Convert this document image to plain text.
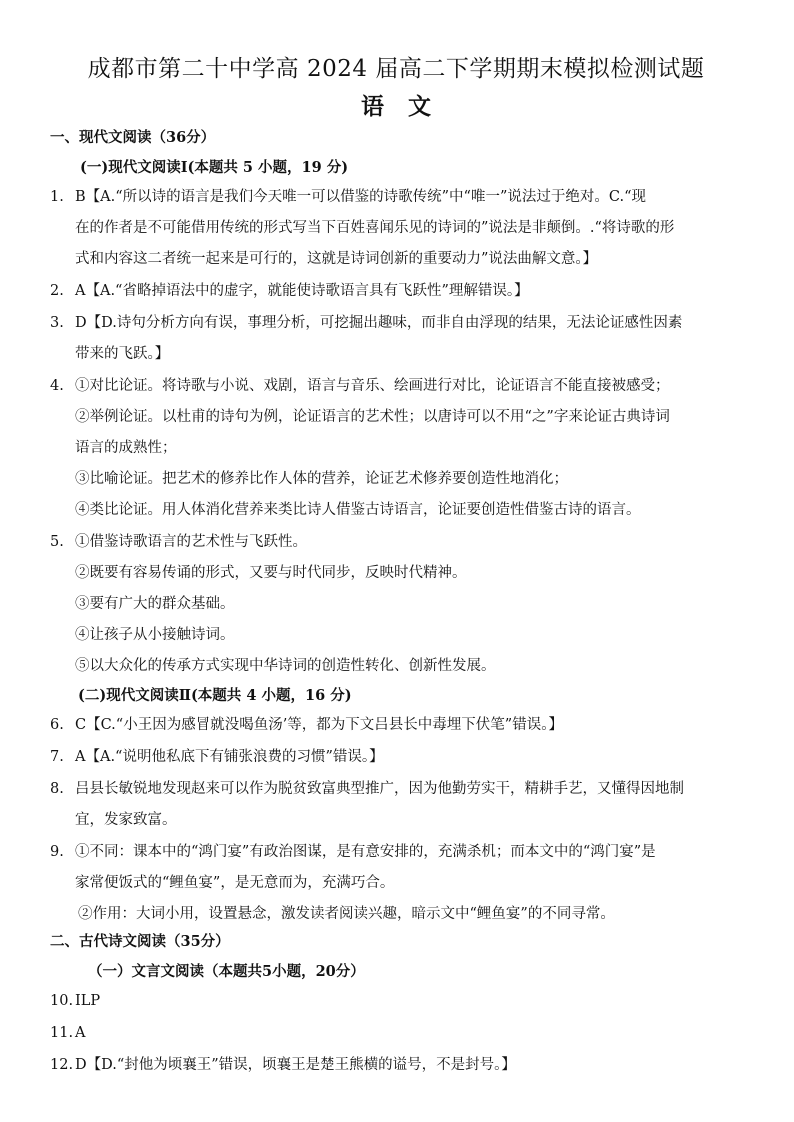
成都市第二十中学高 2024 届高二下学期期末模拟检测试题
语文
一、现代文阅读（36分）
(一)现代文阅读Ⅰ(本题共 5 小题，19 分)
1. B【A.“所以诗的语言是我们今天唯一可以借鉴的诗歌传统”中“唯一”说法过于绝对。C.“现
在的作者是不可能借用传统的形式写当下百姓喜闻乐见的诗词的”说法是非颠倒。.“将诗歌的形
式和内容这二者统一起来是可行的，这就是诗词创新的重要动力”说法曲解文意。】
2. A【A.“省略掉语法中的虚字，就能使诗歌语言具有飞跃性”理解错误。】
3. D【D.诗句分析方向有误，事理分析，可挖掘出趣味，而非自由浮现的结果，无法论证感性因素
带来的飞跃。】
4. ①对比论证。将诗歌与小说、戏剧，语言与音乐、绘画进行对比，论证语言不能直接被感受；
②举例论证。以杜甫的诗句为例，论证语言的艺术性；以唐诗可以不用“之”字来论证古典诗词
语言的成熟性；
③比喻论证。把艺术的修养比作人体的营养，论证艺术修养要创造性地消化；
④类比论证。用人体消化营养来类比诗人借鉴古诗语言，论证要创造性借鉴古诗的语言。
5. ①借鉴诗歌语言的艺术性与飞跃性。
②既要有容易传诵的形式，又要与时代同步，反映时代精神。
③要有广大的群众基础。
④让孩子从小接触诗词。
⑤以大众化的传承方式实现中华诗词的创造性转化、创新性发展。
(二)现代文阅读Ⅱ(本题共 4 小题，16 分)
6. C【C.“小王因为感冒就没喝鱼汤’等，都为下文吕县长中毒埋下伏笔”错误。】
7. A【A.“说明他私底下有铺张浪费的习惯”错误。】
8. 吕县长敏锐地发现赵来可以作为脱贫致富典型推广，因为他勤劳实干，精耕手艺，又懂得因地制
宜，发家致富。
9. ①不同：课本中的“鸿门宴”有政治图谋，是有意安排的，充满杀机；而本文中的“鸿门宴”是
家常便饭式的“鲤鱼宴”，是无意而为，充满巧合。
②作用：大词小用，设置悬念，激发读者阅读兴趣，暗示文中“鲤鱼宴”的不同寻常。
二、古代诗文阅读（35分）
（一）文言文阅读（本题共5小题，20分）
10. ILP
11. A
12. D【D.“封他为顷襄王”错误，顷襄王是楚王熊横的谥号，不是封号。】
